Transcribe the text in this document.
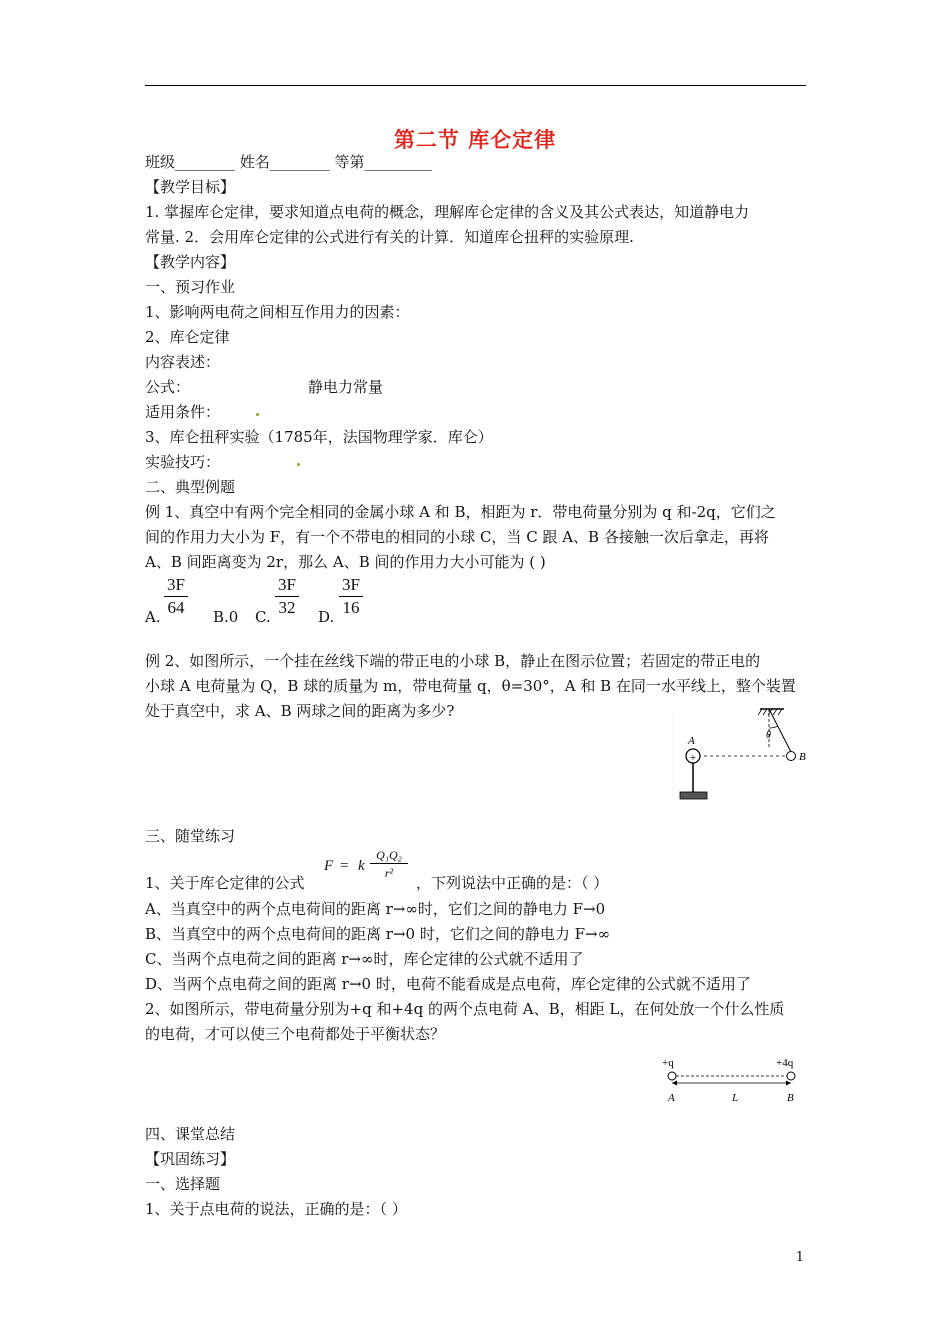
第二节 库仑定律
班级________ 姓名________ 等第_________
【教学目标】
1. 掌握库仑定律，要求知道点电荷的概念，理解库仑定律的含义及其公式表达，知道静电力
常量. 2．会用库仑定律的公式进行有关的计算．知道库仑扭秤的实验原理.
【教学内容】
一、预习作业
1、影响两电荷之间相互作用力的因素：
2、库仑定律
内容表述：
公式：	静电力常量
适用条件：
3、库仑扭秤实验（1785年，法国物理学家．库仑）
实验技巧：
二、典型例题
例 1、真空中有两个完全相同的金属小球 A 和 B，相距为 r．带电荷量分别为 q 和-2q，它们之
间的作用力大小为 F，有一个不带电的相同的小球 C，当 C 跟 A、B 各接触一次后拿走，再将
A、B 间距离变为 2r，那么 A、B 间的作用力大小可能为 ( )
A. $\frac{3F}{64} B.0$ C. $\frac{3F}{32} D$. $\frac{3F}{16}$
例 2、如图所示，一个挂在丝线下端的带正电的小球 B，静止在图示位置；若固定的带正电的
小球 A 电荷量为 Q，B 球的质量为 m，带电荷量 q，θ=30°，A 和 B 在同一水平线上，整个装置
处于真空中，求 A、B 两球之间的距离为多少?
+
A
B
θ
三、随堂练习
1、关于库仑定律的公式
F = k
Q₁Q₂
r²
，下列说法中正确的是：（ ）
A、当真空中的两个点电荷间的距离 r→∞时，它们之间的静电力 F→0
B、当真空中的两个点电荷间的距离 r→0 时，它们之间的静电力 F→∞
C、当两个点电荷之间的距离 r→∞时，库仑定律的公式就不适用了
D、当两个点电荷之间的距离 r→0 时，电荷不能看成是点电荷，库仑定律的公式就不适用了
2、如图所示，带电荷量分别为+q 和+4q 的两个点电荷 A、B，相距 L，在何处放一个什么性质
的电荷，才可以使三个电荷都处于平衡状态？
+q	+4q
A	L	B
四、课堂总结
【巩固练习】
一、选择题
1、关于点电荷的说法，正确的是：（ ）
1
